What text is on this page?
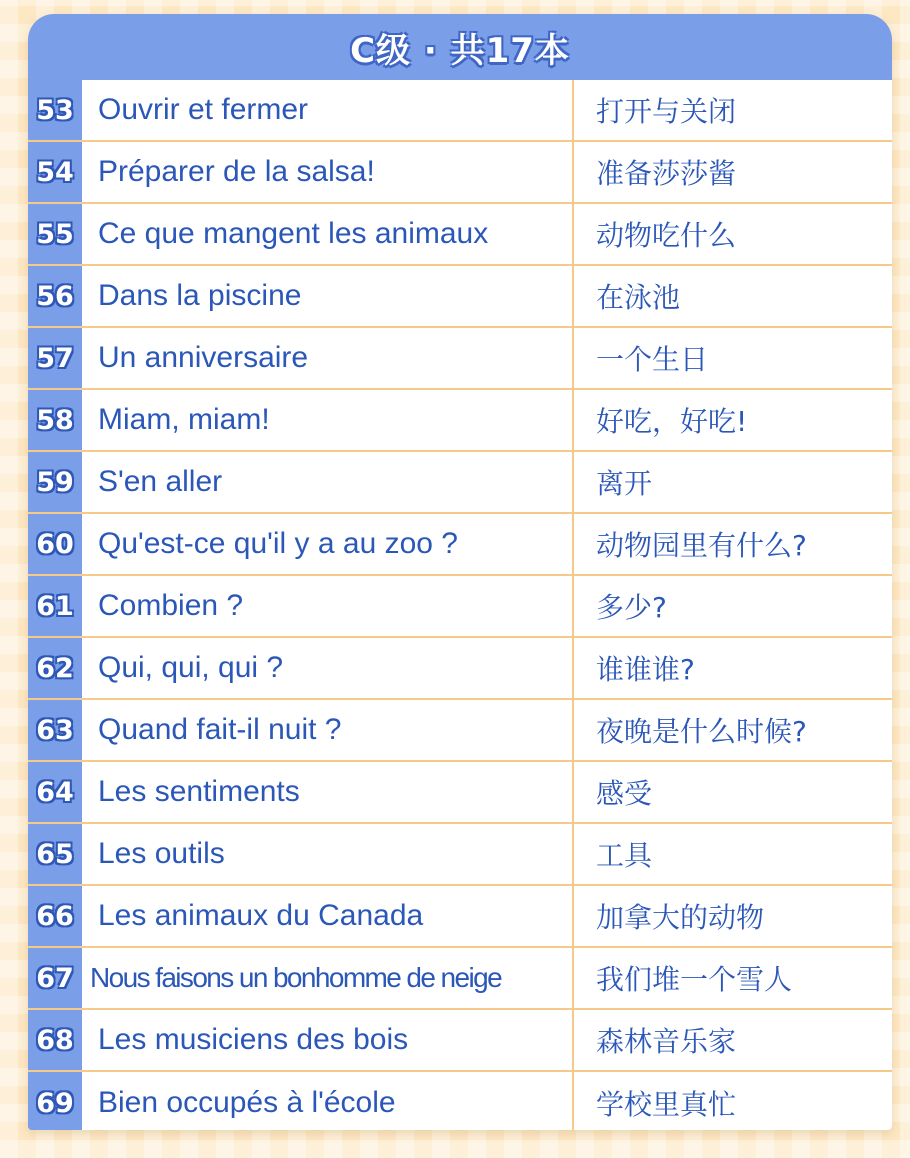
C级 · 共17本
53 Ouvrir et fermer	打开与关闭
54 Préparer de la salsa!	准备莎莎酱
55 Ce que mangent les animaux	动物吃什么
56 Dans la piscine	在泳池
57 Un anniversaire	一个生日
58 Miam, miam!	好吃，好吃!
59 S'en aller	离开
60 Qu'est-ce qu'il y a au zoo ?	动物园里有什么?
61 Combien ?	多少?
62 Qui, qui, qui ?	谁谁谁?
63 Quand fait-il nuit ?	夜晚是什么时候?
64 Les sentiments	感受
65 Les outils	工具
66 Les animaux du Canada	加拿大的动物
67 Nous faisons un bonhomme de neige	我们堆一个雪人
68 Les musiciens des bois	森林音乐家
69 Bien occupés à l'école	学校里真忙
